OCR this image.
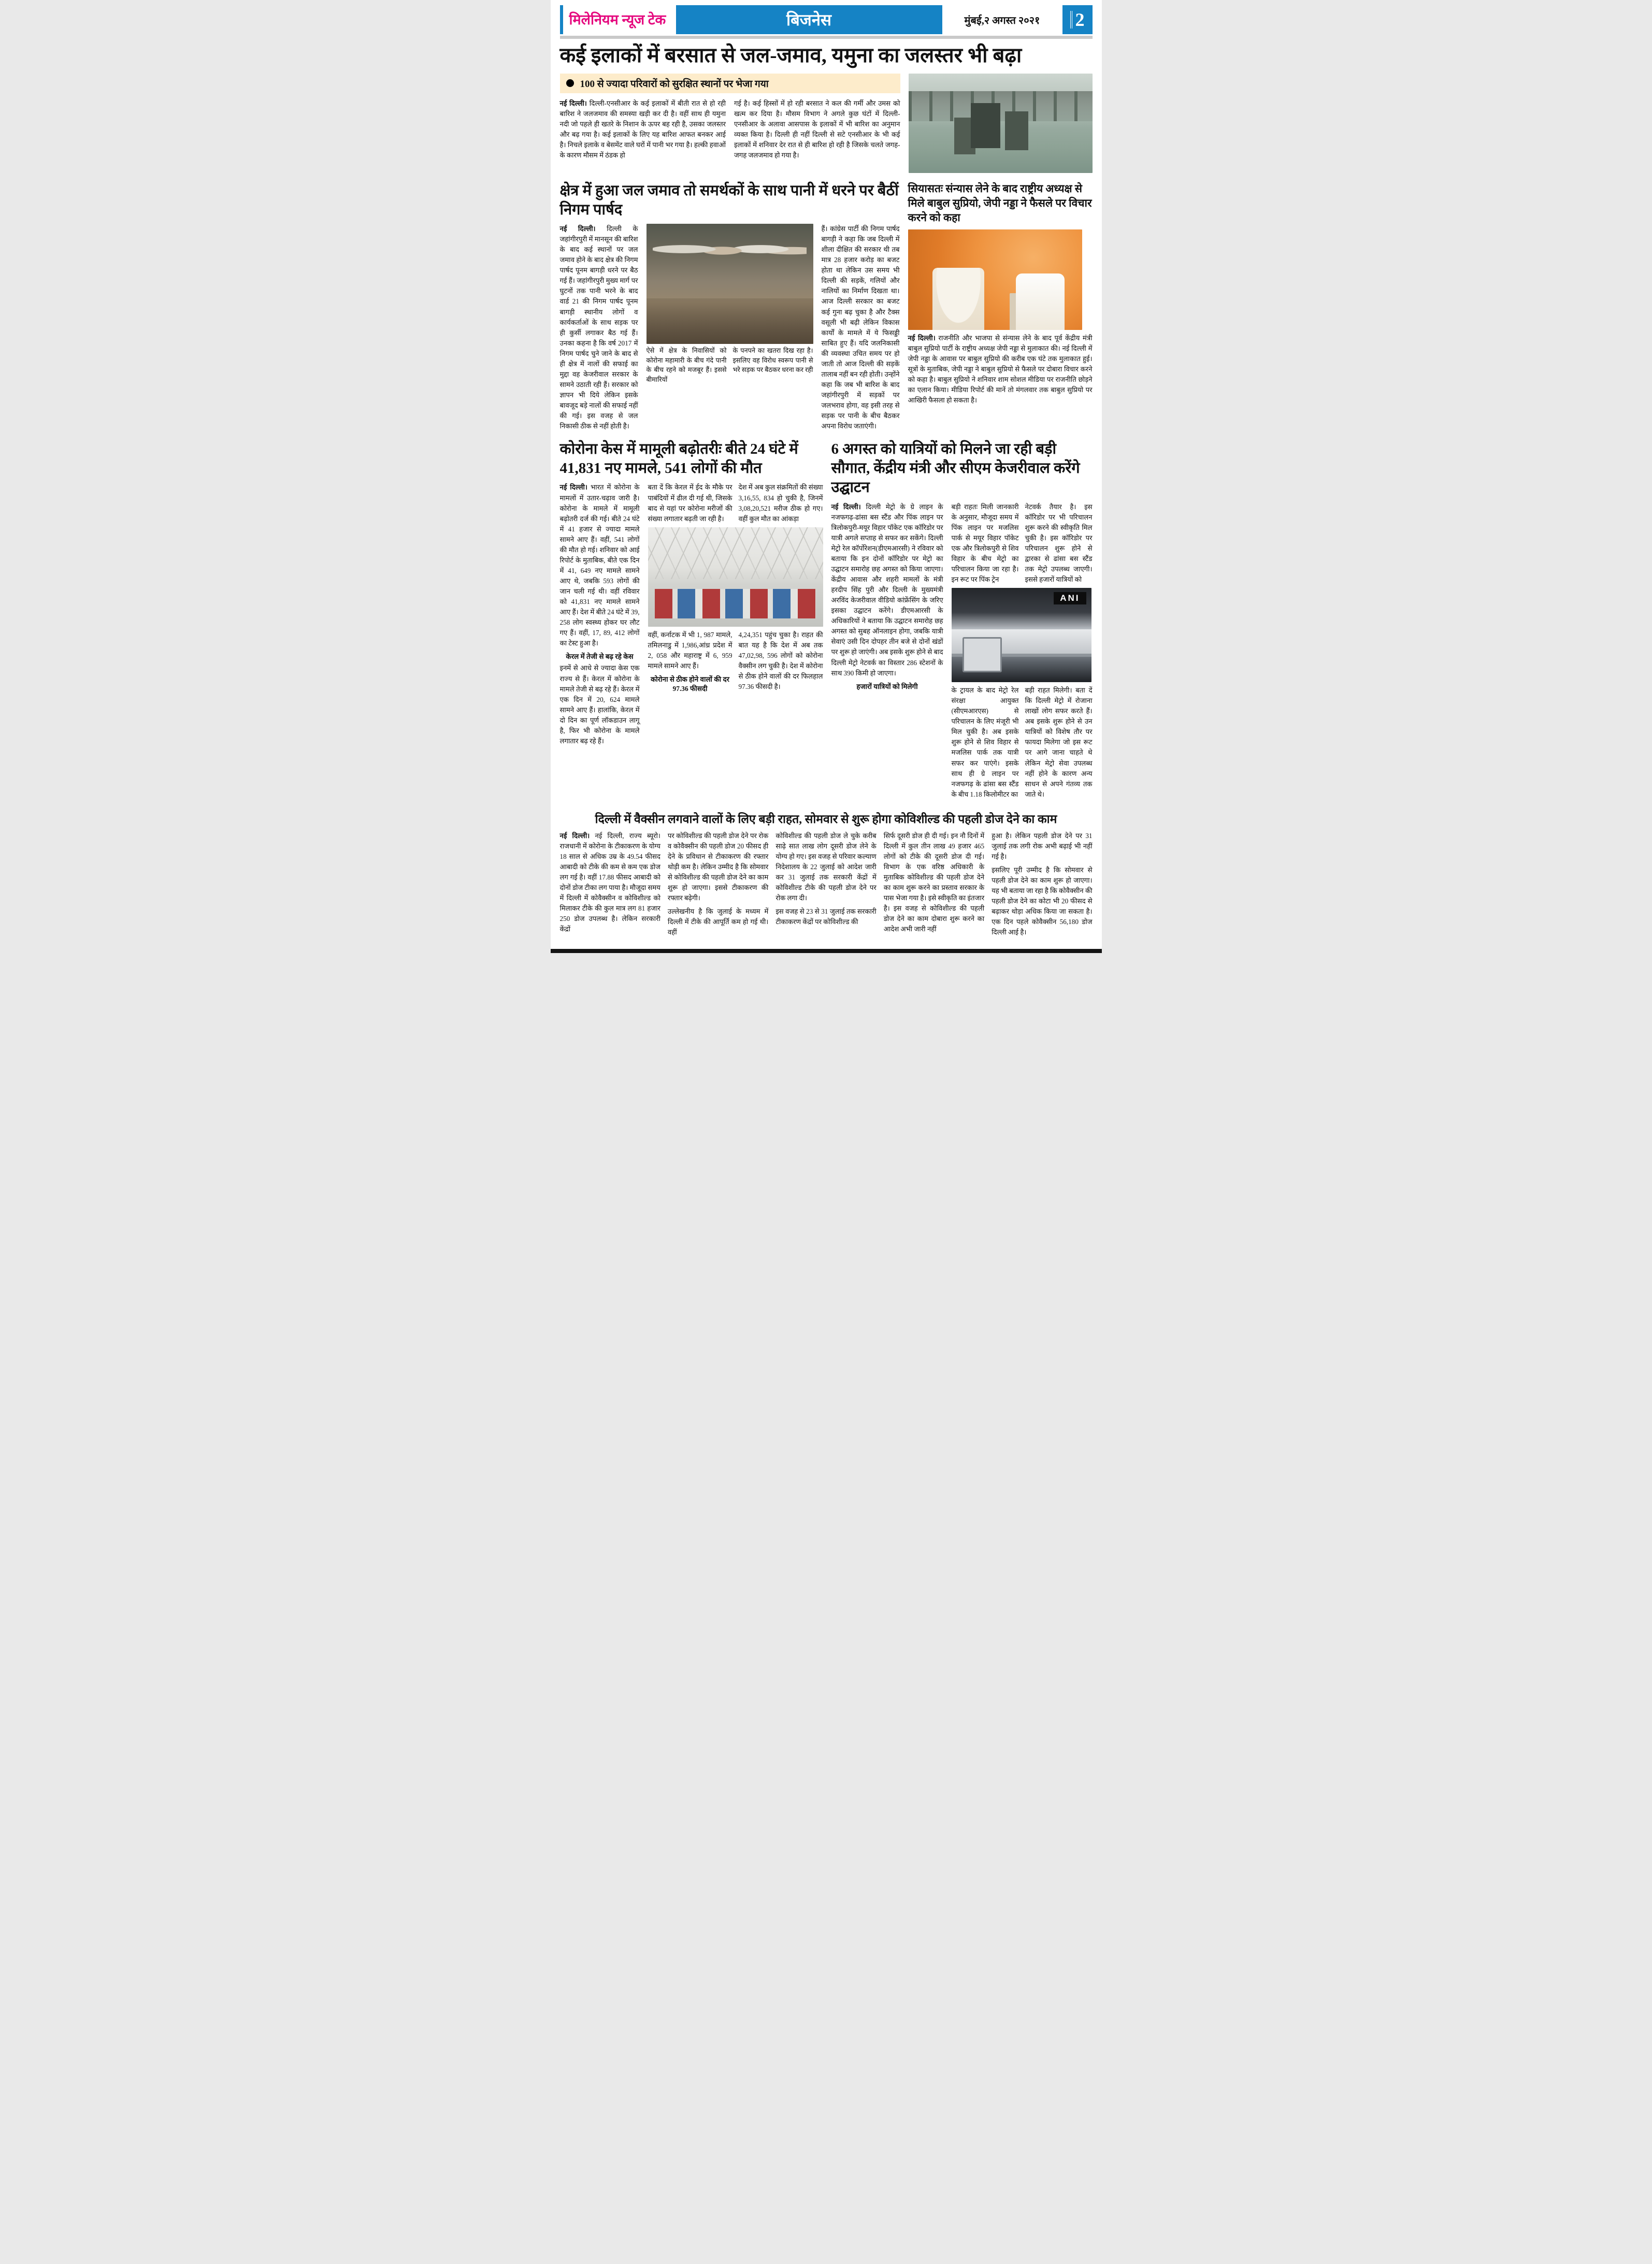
मिलेनियम न्यूज टेक	बिजनेस	मुंबई,२ अगस्त २०२१	2
कई इलाकों में बरसात से जल-जमाव, यमुना का जलस्तर भी बढ़ा
100 से ज्यादा परिवारों को सुरक्षित स्थानों पर भेजा गया

नई दिल्ली। दिल्ली-एनसीआर के कई इलाकों में बीती रात से हो रही बारिश ने जलजमाव की समस्या खड़ी कर दी है। वहीं साथ ही यमुना नदी जो पहले ही खतरे के निशान के ऊपर बह रही है, उसका जलस्तर और बढ़ गया है। कई इलाकों के लिए यह बारिश आफत बनकर आई है। निचले इलाके व बेसमेंट वाले घरों में पानी भर गया है। हल्की हवाओं के कारण मौसम में ठंडक हो

गई है। कई हिस्सों में हो रही बरसात ने कल की गर्मी और उमस को खत्म कर दिया है। मौसम विभाग ने अगले कुछ घंटों में दिल्ली-एनसीआर के अलावा आसपास के इलाकों में भी बारिश का अनुमान व्यक्त किया है। दिल्ली ही नहीं दिल्ली से सटे एनसीआर के भी कई इलाकों में शनिवार देर रात से ही बारिश हो रही है जिसके चलते जगह-जगह जलजमाव हो गया है।

क्षेत्र में हुआ जल जमाव तो समर्थकों के साथ पानी में धरने पर बैठीं निगम पार्षद

नई दिल्ली। दिल्ली के जहांगीरपुरी में मानसून की बारिश के बाद कई स्थानों पर जल जमाव होने के बाद क्षेत्र की निगम पार्षद पूनम बागड़ी धरने पर बैठ गई हैं। जहांगीरपुरी मुख्य मार्ग पर घुटनों तक पानी भरने के बाद वार्ड 21 की निगम पार्षद पूनम बागड़ी स्थानीय लोगों व कार्यकर्ताओं के साथ सड़क पर ही कुर्सी लगाकर बैठ गई हैं। उनका कहना है कि वर्ष 2017 में निगम पार्षद चुने जाने के बाद से ही क्षेत्र में नालों की सफाई का मुद्दा वह केजरीवाल सरकार के सामने उठाती रही हैं। सरकार को ज्ञापन भी दिये लेकिन इसके बावजूद बड़े नालों की सफाई नहीं की गई। इस वजह से जल निकासी ठीक से नहीं होती है।

ऐसे में क्षेत्र के निवासियों को कोरोना महामारी के बीच गंदे पानी के बीच रहने को मजबूर हैं। इससे बीमारियों

के पनपने का खतरा दिख रहा है। इसलिए वह विरोध स्वरूप पानी से भरे सड़क पर बैठकर धरना कर रही

हैं। कांग्रेस पार्टी की निगम पार्षद बागड़ी ने कहा कि जब दिल्ली में शीला दीक्षित की सरकार थी तब मात्र 28 हजार करोड़ का बजट होता था लेकिन उस समय भी दिल्ली की सड़कें, गलियों और नालियों का निर्माण दिखता था। आज दिल्ली सरकार का बजट कई गुना बढ़ चुका है और टैक्स वसूली भी बढ़ी लेकिन विकास कार्यों के मामले में ये फिसड्डी साबित हुए हैं। यदि जलनिकासी की व्यवस्था उचित समय पर हो जाती तो आज दिल्ली की सड़कें तालाब नहीं बन रही होती। उन्होंने कहा कि जब भी बारिश के बाद जहांगीरपुरी में सड़कों पर जलभराव होगा, वह इसी तरह से सड़क पर पानी के बीच बैठकर अपना विरोध जताएंगी।

सियासतः संन्यास लेने के बाद राष्ट्रीय अध्यक्ष से मिले बाबुल सुप्रियो, जेपी नड्डा ने फैसले पर विचार करने को कहा

नई दिल्ली। राजनीति और भाजपा से संन्यास लेने के बाद पूर्व केंद्रीय मंत्री बाबुल सुप्रियो पार्टी के राष्ट्रीय अध्यक्ष जेपी नड्डा से मुलाकात की। नई दिल्ली में जेपी नड्डा के आवास पर बाबुल सुप्रियो की करीब एक घंटे तक मुलाकात हुई। सूत्रों के मुताबिक, जेपी नड्डा ने बाबुल सुप्रियो से फैसले पर दोबारा विचार करने को कहा है। बाबुल सुप्रियो ने शनिवार शाम सोशल मीडिया पर राजनीति छोड़ने का एलान किया। मीडिया रिपोर्ट की मानें तो मंगलवार तक बाबुल सुप्रियो पर आखिरी फैसला हो सकता है।

कोरोना केस में मामूली बढ़ोतरीः बीते 24 घंटे में 41,831 नए मामले, 541 लोगों की मौत

नई दिल्ली। भारत में कोरोना के मामलों में उतार-चढ़ाव जारी है। कोरोना के मामले में मामूली बढ़ोतरी दर्ज की गई। बीते 24 घंटे में 41 हजार से ज्यादा मामले सामने आए हैं। वहीं, 541 लोगों की मौत हो गई। शनिवार को आई रिपोर्ट के मुताबिक, बीते एक दिन में 41, 649 नए मामले सामने आए थे, जबकि 593 लोगों की जान चली गई थी। वहीं रविवार को 41,831 नए मामले सामने आए हैं। देश में बीते 24 घंटे में 39, 258 लोग स्वस्थ्य होकर घर लौट गए हैं। वहीं, 17, 89, 412 लोगों का टेस्ट हुआ है।

केरल में तेजी से बढ़ रहे केस

इनमें से आधे से ज्यादा केस एक राज्य से हैं। केरल में कोरोना के मामले तेजी से बढ़ रहे हैं। केरल में एक दिन में 20, 624 मामले सामने आए हैं। हालांकि, केरल में दो दिन का पूर्ण लॉकडाउन लागू है, फिर भी कोरोना के मामले लगातार बढ़ रहे हैं।

बता दें कि केरल में ईद के मौके पर पाबंदियों में ढील दी गई थी, जिसके बाद से यहां पर कोरोना मरीजों की संख्या लगातार बढ़ती जा रही है।

देश में अब कुल संक्रमितों की संख्या 3,16,55, 834 हो चुकी है, जिनमें 3,08,20,521 मरीज ठीक हो गए। वहीं कुल मौत का आंकड़ा

वहीं, कर्नाटक में भी 1, 987 मामले, तमिलनाडु में 1,986,आंध्र प्रदेश में 2, 058 और महाराष्ट्र में 6, 959 मामले सामने आए हैं।

कोरोना से ठीक होने वालों की दर 97.36 फीसदी

4,24,351 पहुंच चुका है। राहत की बात यह है कि देश में अब तक 47,02,98, 596 लोगों को कोरोना वैक्सीन लग चुकी है। देश में कोरोना से ठीक होने वालों की दर फिलहाल 97.36 फीसदी है।

6 अगस्त को यात्रियों को मिलने जा रही बड़ी सौगात, केंद्रीय मंत्री और सीएम केजरीवाल करेंगे उद्घाटन

नई दिल्ली। दिल्ली मेट्रो के ग्रे लाइन के नजफगढ़-ढांसा बस स्टैंड और पिंक लाइन पर त्रिलोकपुरी-मयूर विहार पॉकेट एक कॉरिडोर पर यात्री अगले सप्ताह से सफर कर सकेंगे। दिल्ली मेट्रो रेल कॉर्पोरेशन(डीएमआरसी) ने रविवार को बताया कि इन दोनों कॉरिडोर पर मेट्रो का उद्घाटन समारोह छह अगस्त को किया जाएगा। केंद्रीय आवास और शहरी मामलों के मंत्री हरदीप सिंह पुरी और दिल्ली के मुख्यमंत्री अरविंद केजरीवाल वीडियो कांफ्रेंसिंग के जरिए इसका उद्घाटन करेंगे। डीएमआरसी के अधिकारियों ने बताया कि उद्घाटन समारोह छह अगस्त को सुबह ऑनलाइन होगा, जबकि यात्री सेवाएं उसी दिन दोपहर तीन बजे से दोनों खंडों पर शुरू हो जाएंगी। अब इसके शुरू होने से बाद दिल्ली मेट्रो नेटवर्क का विस्तार 286 स्टेशनों के साथ 390 किमी हो जाएगा।

हजारों यात्रियों को मिलेगी

बड़ी राहतः मिली जानकारी के अनुसार, मौजूदा समय में पिंक लाइन पर मजलिस पार्क से मयूर विहार पॉकेट एक और त्रिलोकपुरी से शिव विहार के बीच मेट्रो का परिचालन किया जा रहा है। इन रूट पर पिंक ट्रेन

नेटवर्क तैयार है। इस कॉरिडोर पर भी परिचालन शुरू करने की स्वीकृति मिल चुकी है। इस कॉरिडोर पर परिचालन शुरू होने से द्वारका से ढांसा बस स्टैंड तक मेट्रो उपलब्ध जाएगी। इससे हजारों यात्रियों को

ANI

के ट्रायल के बाद मेट्रो रेल संरक्षा आयुक्त (सीएमआरएस) से परिचालन के लिए मंजूरी भी मिल चुकी है। अब इसके शुरू होने से शिव विहार से मजलिस पार्क तक यात्री सफर कर पाएंगे। इसके साथ ही ग्रे लाइन पर नजफगढ़ के ढांसा बस स्टैंड के बीच 1.18 किलोमीटर का

बड़ी राहत मिलेगी। बता दें कि दिल्ली मेट्रो में रोजाना लाखों लोग सफर करते हैं। अब इसके शुरू होने से उन यात्रियों को विशेष तौर पर फायदा मिलेगा जो इस रूट पर आगे जाना चाहते थे लेकिन मेट्रो सेवा उपलब्ध नहीं होने के कारण अन्य साधन से अपने गंतव्य तक जाते थे।

दिल्ली में वैक्सीन लगवाने वालों के लिए बड़ी राहत, सोमवार से शुरू होगा कोविशील्ड की पहली डोज देने का काम

नई दिल्ली। नई दिल्ली, राज्य ब्यूरो। राजधानी में कोरोना के टीकाकरण के योग्य 18 साल से अधिक उम्र के 49.54 फीसद आबादी को टीके की कम से कम एक डोज लग गई है। वहीं 17.88 फीसद आबादी को दोनों डोज टीका लग पाया है। मौजूदा समय में दिल्ली में कोवैक्सीन व कोविशील्ड को मिलाकर टीके की कुल मात्र लग 81 हजार 250 डोज उपलब्ध है। लेकिन सरकारी केंद्रों

पर कोविशील्ड की पहली डोज देने पर रोक व कोवैक्सीन की पहली डोज 20 फीसद ही देने के प्रविधान से टीकाकरण की रफ्तार थोड़ी कम है। लेकिन उम्मीद है कि सोमवार से कोविशील्ड की पहली डोज देने का काम शुरू हो जाएगा। इससे टीकाकरण की रफ्तार बढ़ेगी।

उल्लेखनीय है कि जुलाई के मध्यम में दिल्ली में टीके की आपूर्ति कम हो गई थी। वहीं

कोविशील्ड की पहली डोज ले चुके करीब साढ़े सात लाख लोग दूसरी डोज लेने के योग्य हो गए। इस वजह से परिवार कल्याण निदेशालय के 22 जुलाई को आदेश जारी कर 31 जुलाई तक सरकारी केंद्रों में कोविशील्ड टीके की पहली डोज देने पर रोक लगा दी।

इस वजह से 23 से 31 जुलाई तक सरकारी टीकाकरण केंद्रों पर कोविशील्ड की

सिर्फ दूसरी डोज ही दी गई। इन नौ दिनों में दिल्ली में कुल तीन लाख 49 हजार 465 लोगों को टीके की दूसरी डोज दी गई। विभाग के एक वरिष्ठ अधिकारी के मुताबिक कोविशील्ड की पहली डोज देने का काम शुरू करने का प्रस्ताव सरकार के पास भेजा गया है। इसे स्वीकृति का इंतजार है। इस वजह से कोविशील्ड की पहली डोज देने का काम दोबारा शुरू करने का आदेश अभी जारी नहीं

हुआ है। लेकिन पहली डोज देने पर 31 जुलाई तक लगी रोक अभी बढ़ाई भी नहीं गई है।

इसलिए पूरी उम्मीद है कि सोमवार से पहली डोज देने का काम शुरू हो जाएगा। यह भी बताया जा रहा है कि कोवैक्सीन की पहली डोज देने का कोटा भी 20 फीसद से बढ़ाकर थोड़ा अधिक किया जा सकता है। एक दिन पहले कोवैक्सीन 56,180 डोज दिल्ली आई है।
